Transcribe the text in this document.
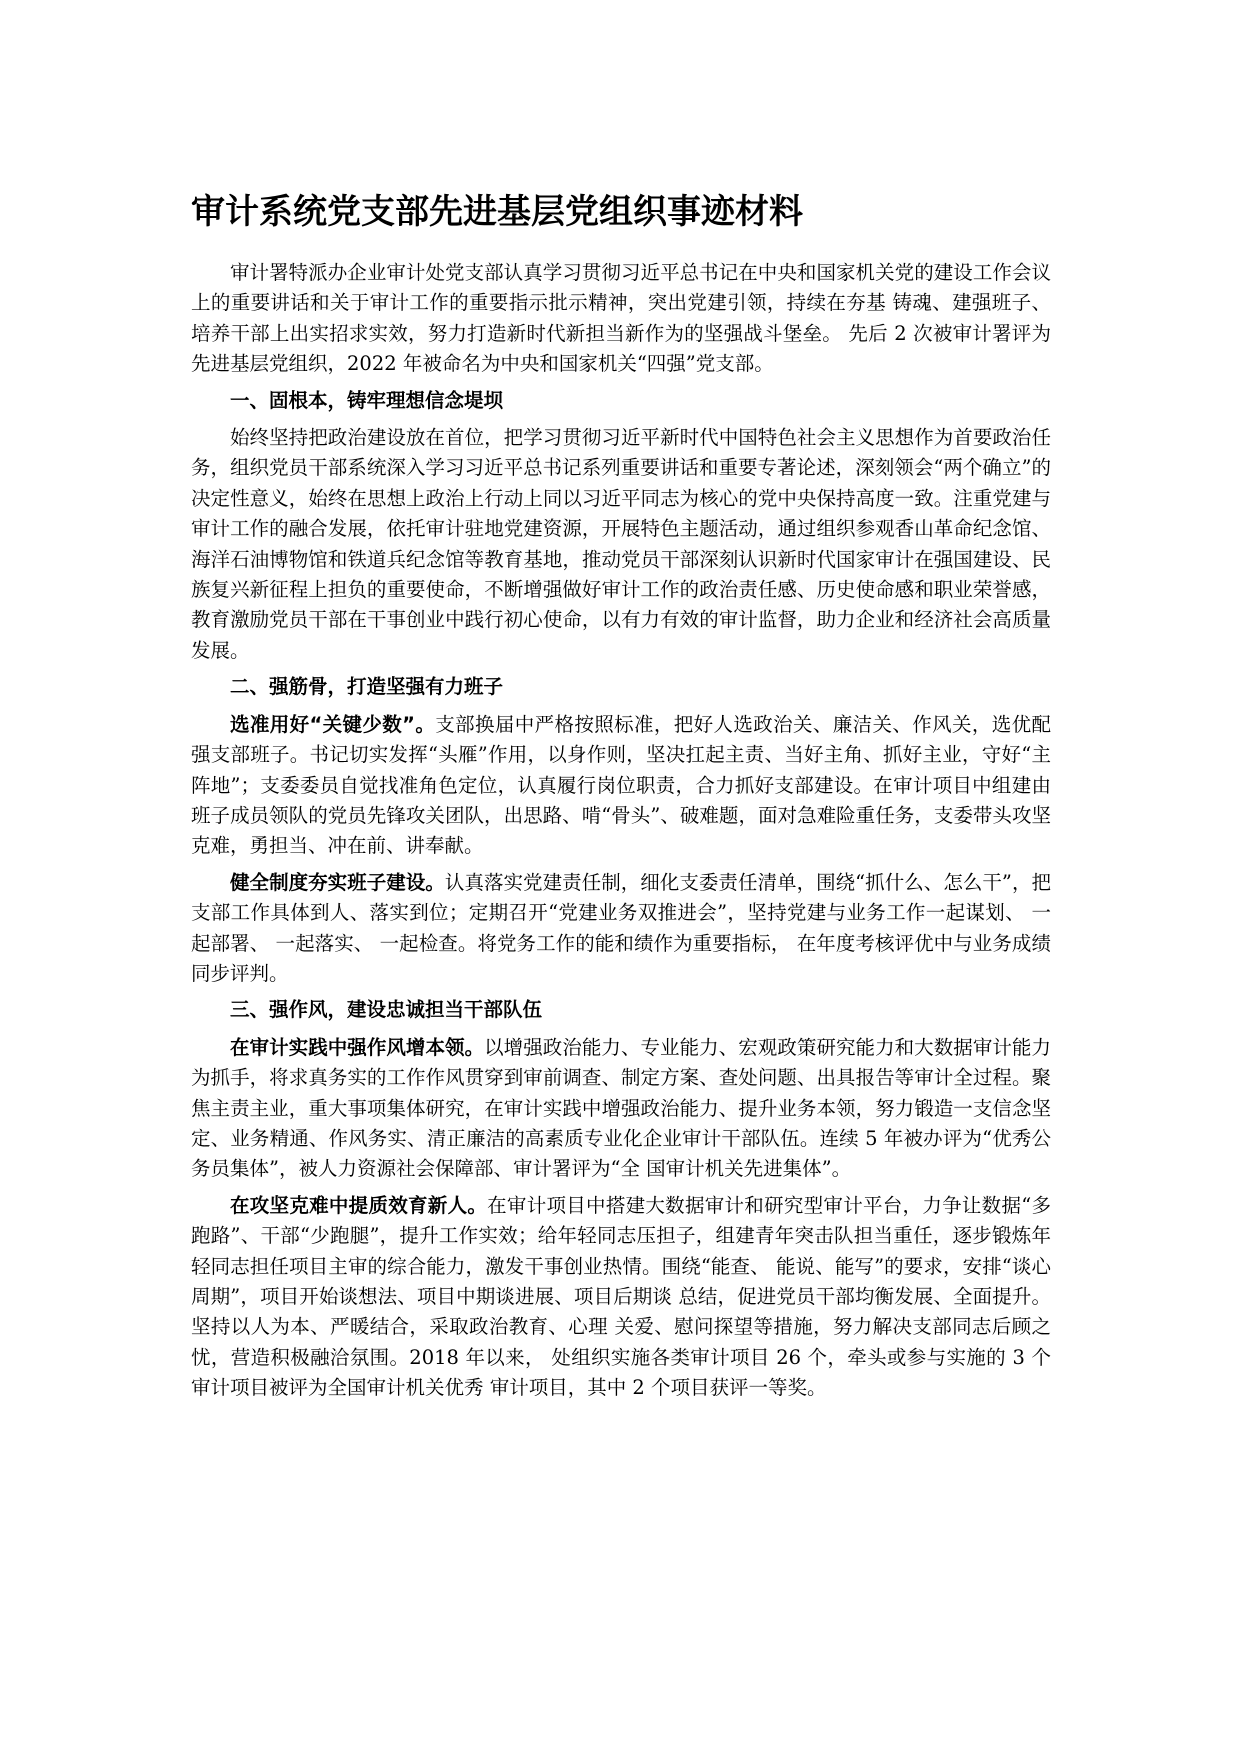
审计系统党支部先进基层党组织事迹材料

审计署特派办企业审计处党支部认真学习贯彻习近平总书记在中央和国家机关党的建设工作会议上的重要讲话和关于审计工作的重要指示批示精神，突出党建引领，持续在夯基 铸魂、建强班子、培养干部上出实招求实效，努力打造新时代新担当新作为的坚强战斗堡垒。 先后 2 次被审计署评为先进基层党组织，2022 年被命名为中央和国家机关“四强”党支部。

一、固根本，铸牢理想信念堤坝

始终坚持把政治建设放在首位，把学习贯彻习近平新时代中国特色社会主义思想作为首要政治任务，组织党员干部系统深入学习习近平总书记系列重要讲话和重要专著论述，深刻领会“两个确立”的决定性意义，始终在思想上政治上行动上同以习近平同志为核心的党中央保持高度一致。注重党建与审计工作的融合发展，依托审计驻地党建资源，开展特色主题活动，通过组织参观香山革命纪念馆、海洋石油博物馆和铁道兵纪念馆等教育基地，推动党员干部深刻认识新时代国家审计在强国建设、民族复兴新征程上担负的重要使命，不断增强做好审计工作的政治责任感、历史使命感和职业荣誉感，教育激励党员干部在干事创业中践行初心使命，以有力有效的审计监督，助力企业和经济社会高质量发展。

二、强筋骨，打造坚强有力班子

选准用好“关键少数”。支部换届中严格按照标准，把好人选政治关、廉洁关、作风关，选优配强支部班子。书记切实发挥“头雁”作用，以身作则，坚决扛起主责、当好主角、抓好主业，守好“主阵地”；支委委员自觉找准角色定位，认真履行岗位职责，合力抓好支部建设。在审计项目中组建由班子成员领队的党员先锋攻关团队，出思路、啃“骨头”、破难题，面对急难险重任务，支委带头攻坚克难，勇担当、冲在前、讲奉献。

健全制度夯实班子建设。认真落实党建责任制，细化支委责任清单，围绕“抓什么、怎么干”，把支部工作具体到人、落实到位；定期召开“党建业务双推进会”，坚持党建与业务工作一起谋划、 一起部署、 一起落实、 一起检查。将党务工作的能和绩作为重要指标， 在年度考核评优中与业务成绩同步评判。

三、强作风，建设忠诚担当干部队伍

在审计实践中强作风增本领。以增强政治能力、专业能力、宏观政策研究能力和大数据审计能力为抓手，将求真务实的工作作风贯穿到审前调查、制定方案、查处问题、出具报告等审计全过程。聚焦主责主业，重大事项集体研究，在审计实践中增强政治能力、提升业务本领，努力锻造一支信念坚定、业务精通、作风务实、清正廉洁的高素质专业化企业审计干部队伍。连续 5 年被办评为“优秀公务员集体”，被人力资源社会保障部、审计署评为“全 国审计机关先进集体”。

在攻坚克难中提质效育新人。在审计项目中搭建大数据审计和研究型审计平台，力争让数据“多跑路”、干部“少跑腿”，提升工作实效；给年轻同志压担子，组建青年突击队担当重任，逐步锻炼年轻同志担任项目主审的综合能力，激发干事创业热情。围绕“能查、 能说、能写”的要求，安排“谈心周期”，项目开始谈想法、项目中期谈进展、项目后期谈 总结，促进党员干部均衡发展、全面提升。坚持以人为本、严暖结合，采取政治教育、心理 关爱、慰问探望等措施，努力解决支部同志后顾之忧，营造积极融洽氛围。2018 年以来， 处组织实施各类审计项目 26 个，牵头或参与实施的 3 个审计项目被评为全国审计机关优秀 审计项目，其中 2 个项目获评一等奖。
